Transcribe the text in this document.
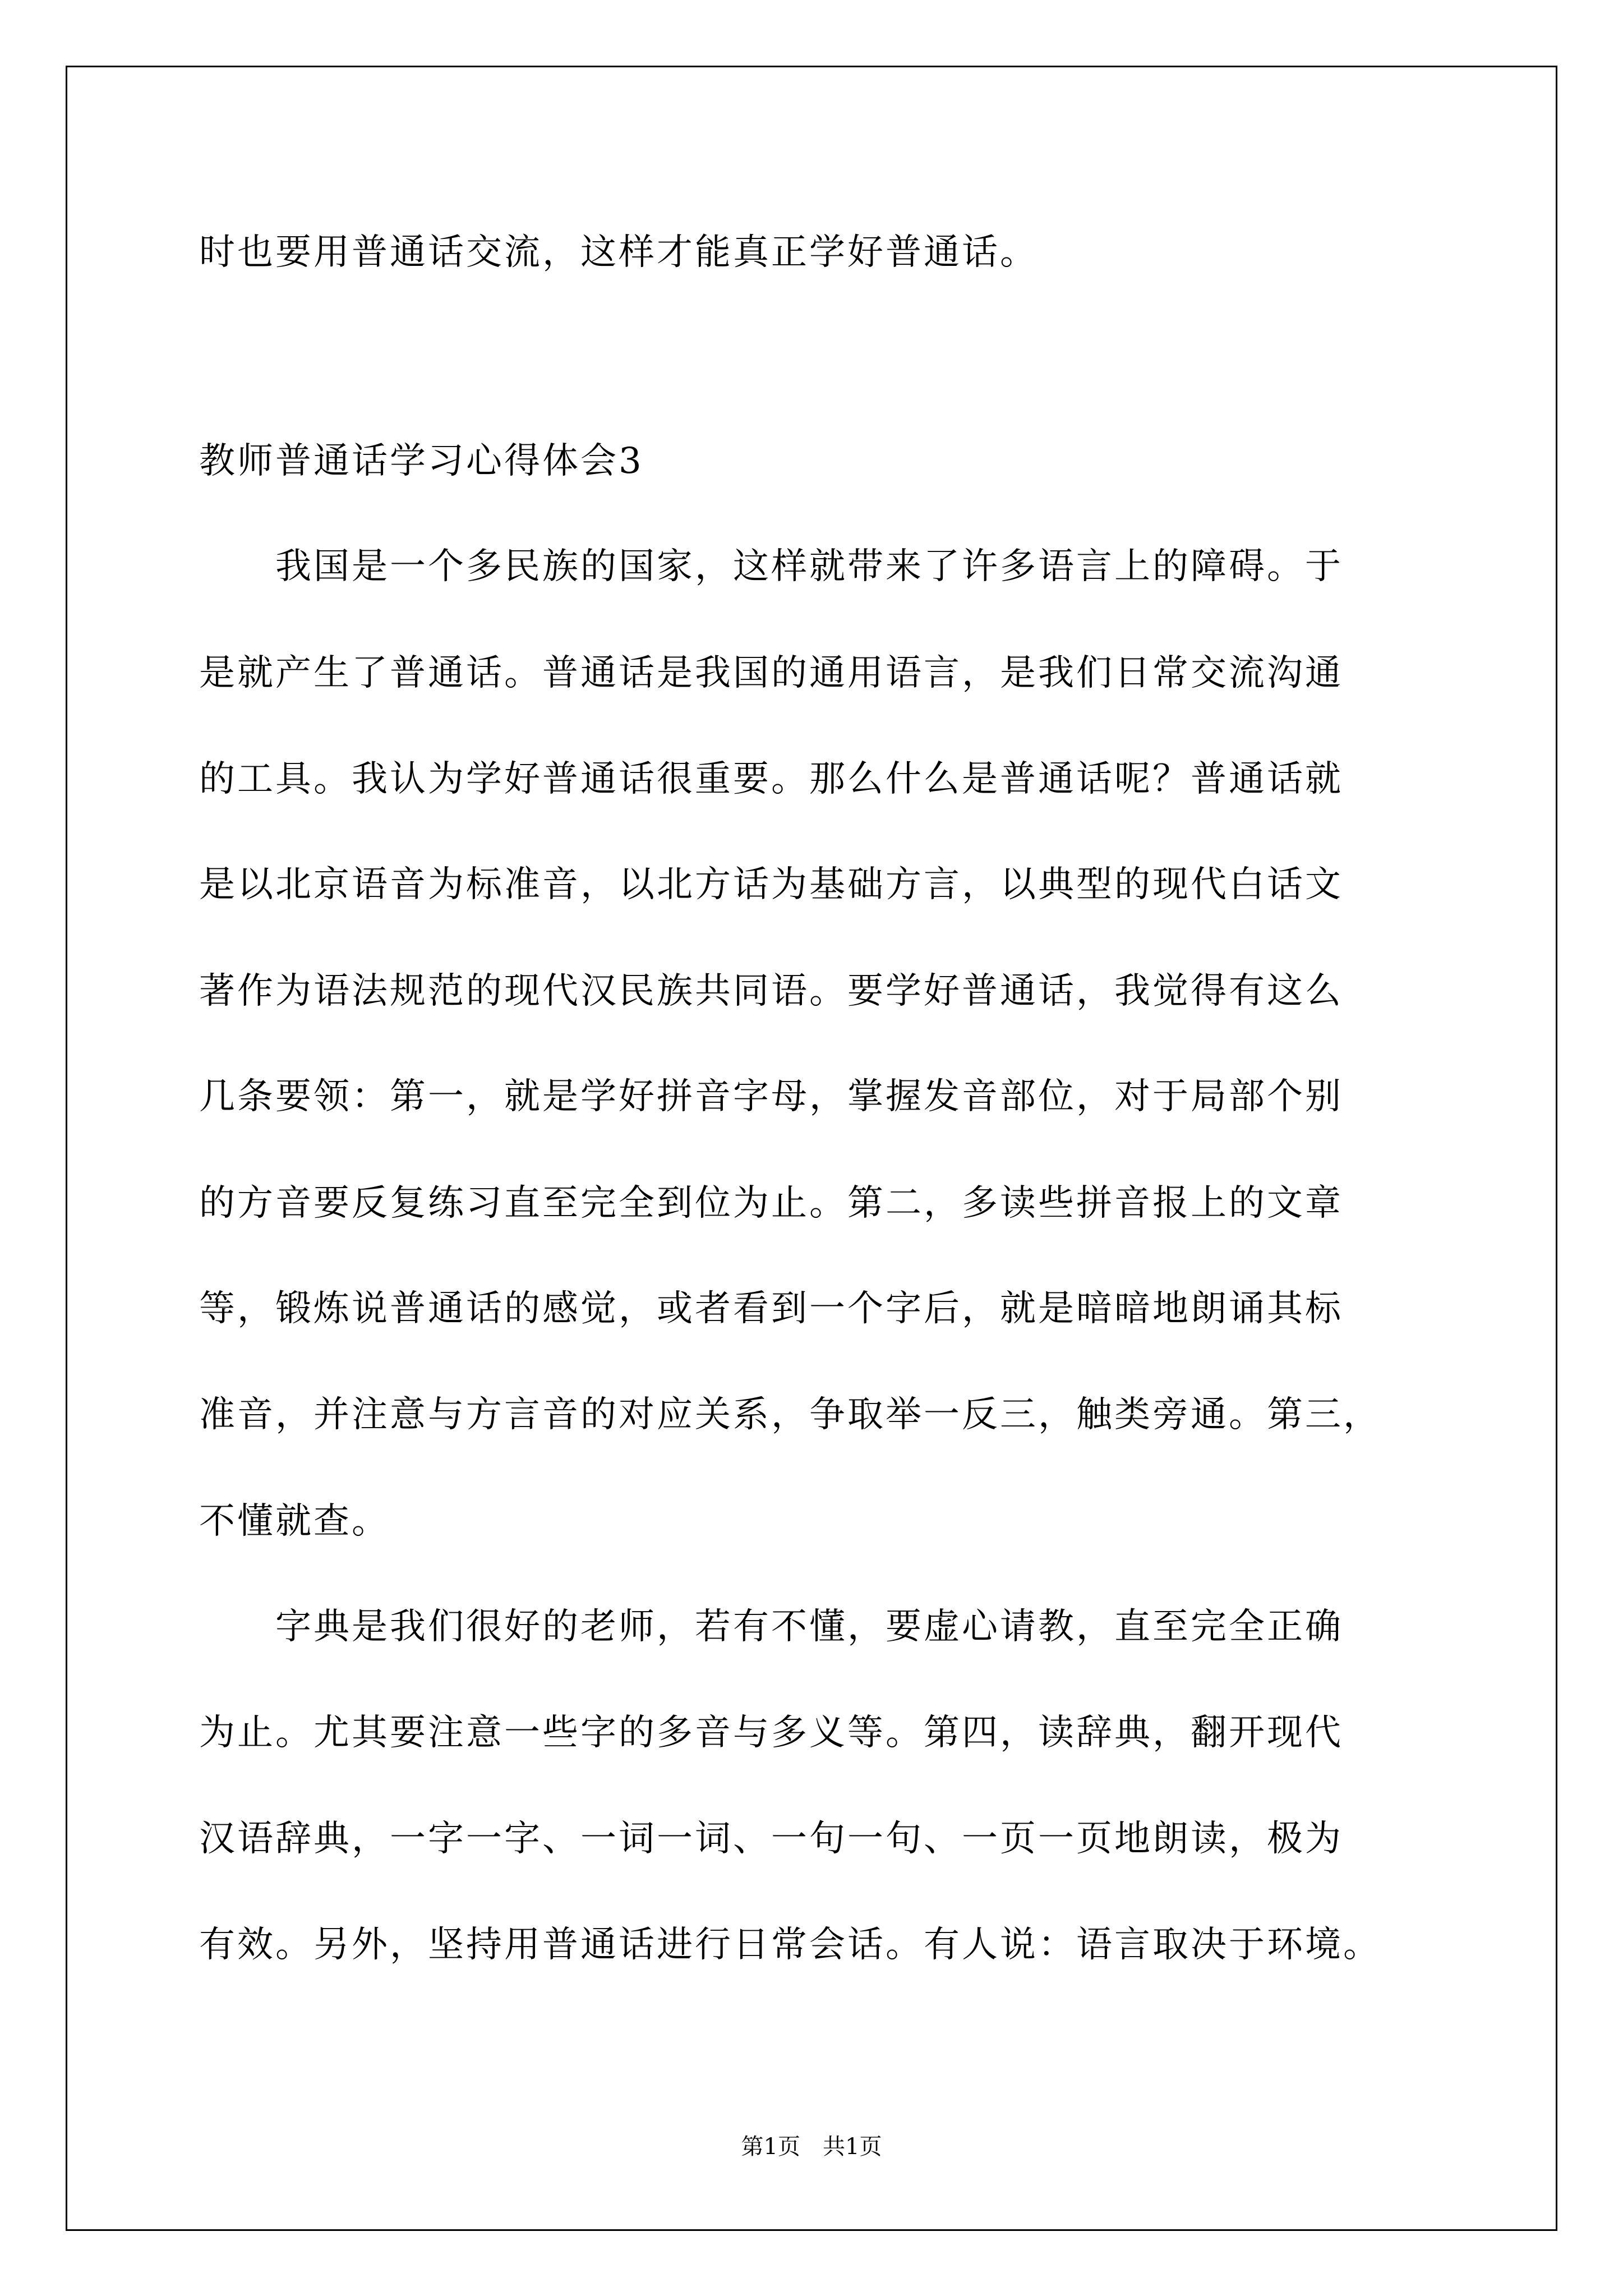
时也要用普通话交流，这样才能真正学好普通话。
教师普通话学习心得体会3
　　我国是一个多民族的国家，这样就带来了许多语言上的障碍。于
是就产生了普通话。普通话是我国的通用语言，是我们日常交流沟通
的工具。我认为学好普通话很重要。那么什么是普通话呢？普通话就
是以北京语音为标准音，以北方话为基础方言，以典型的现代白话文
著作为语法规范的现代汉民族共同语。要学好普通话，我觉得有这么
几条要领：第一，就是学好拼音字母，掌握发音部位，对于局部个别
的方音要反复练习直至完全到位为止。第二，多读些拼音报上的文章
等，锻炼说普通话的感觉，或者看到一个字后，就是暗暗地朗诵其标
准音，并注意与方言音的对应关系，争取举一反三，触类旁通。第三，
不懂就查。
　　字典是我们很好的老师，若有不懂，要虚心请教，直至完全正确
为止。尤其要注意一些字的多音与多义等。第四，读辞典，翻开现代
汉语辞典，一字一字、一词一词、一句一句、一页一页地朗读，极为
有效。另外，坚持用普通话进行日常会话。有人说：语言取决于环境。
第1页　共1页
